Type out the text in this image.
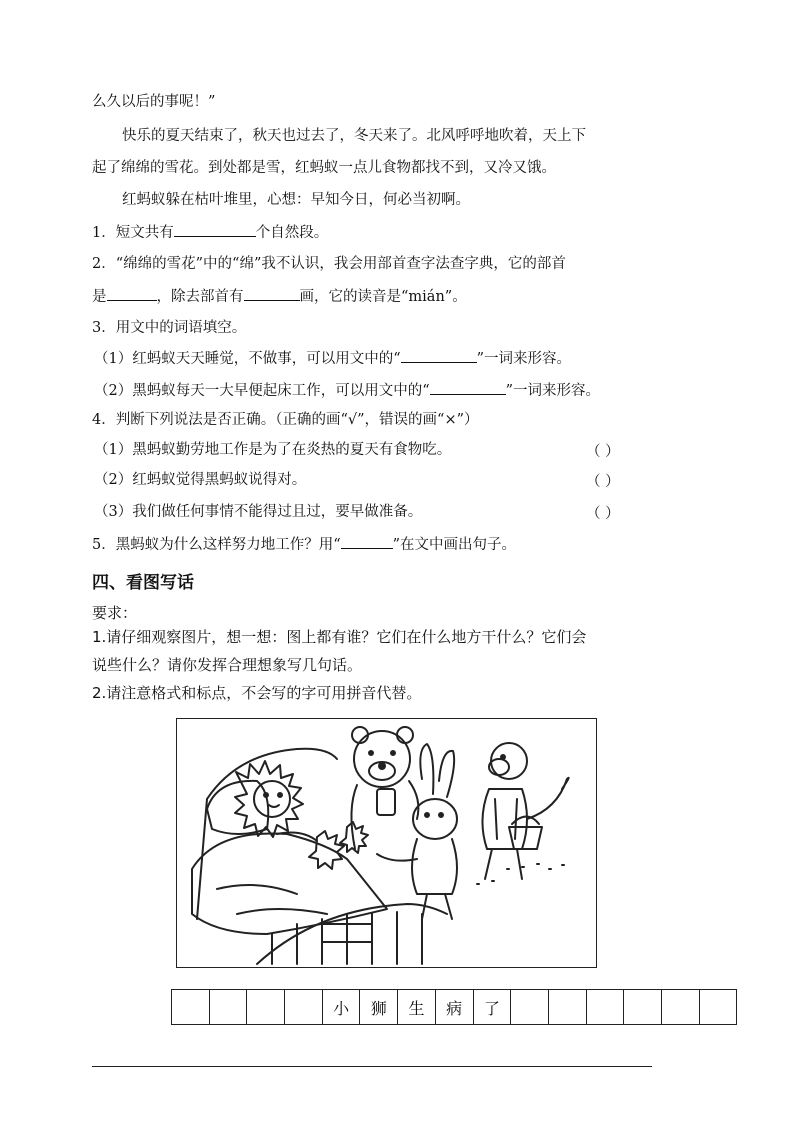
么久以后的事呢！”
快乐的夏天结束了，秋天也过去了，冬天来了。北风呼呼地吹着，天上下
起了绵绵的雪花。到处都是雪，红蚂蚁一点儿食物都找不到，又冷又饿。
红蚂蚁躲在枯叶堆里，心想：早知今日，何必当初啊。
1．短文共有	个自然段。
2．“绵绵的雪花”中的“绵”我不认识，我会用部首查字法查字典，它的部首
是	，除去部首有	画，它的读音是“mián”。
3．用文中的词语填空。
（1）红蚂蚁天天睡觉，不做事，可以用文中的“	”一词来形容。
（2）黑蚂蚁每天一大早便起床工作，可以用文中的“	”一词来形容。
4．判断下列说法是否正确。（正确的画“√”，错误的画“×”）
（1）黑蚂蚁勤劳地工作是为了在炎热的夏天有食物吃。	（ ）
（2）红蚂蚁觉得黑蚂蚁说得对。	（ ）
（3）我们做任何事情不能得过且过，要早做准备。	（ ）
5．黑蚂蚁为什么这样努力地工作？用“	”在文中画出句子。
四、看图写话
要求：
1.请仔细观察图片，想一想：图上都有谁？它们在什么地方干什么？它们会
说些什么？请你发挥合理想象写几句话。
2.请注意格式和标点，不会写的字可用拼音代替。
小	狮	生	病	了
